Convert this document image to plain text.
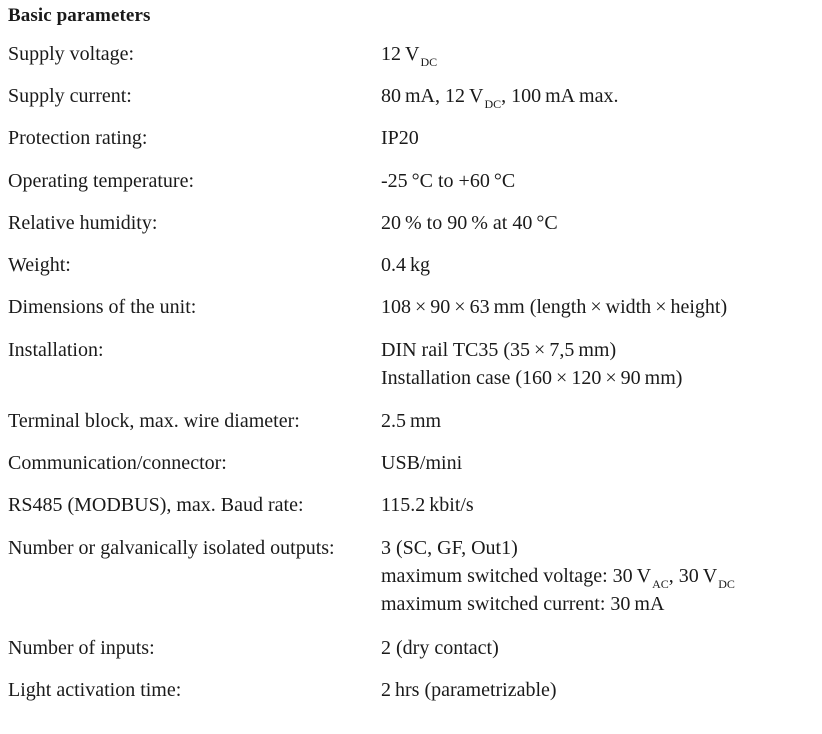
Basic parameters
Supply voltage:	12 $V_{DC}$
Supply current:	80 mA, 12 $V_{DC}$, 100 mA max.
Protection rating:	IP20
Operating temperature:	-25 °C to +60 °C
Relative humidity:	20 % to 90 % at 40 °C
Weight:	0.4 kg
Dimensions of the unit:	108 × 90 × 63 mm (length × width × height)
Installation:	DIN rail TC35 (35 × 7,5 mm)
Installation case (160 × 120 × 90 mm)
Terminal block, max. wire diameter:	2.5 mm
Communication/connector:	USB/mini
RS485 (MODBUS), max. Baud rate:	115.2 kbit/s
Number or galvanically isolated outputs: 3 (SC, GF, Out1)
maximum switched voltage: 30 $V_{AC}$, 30 $V_{DC}$
maximum switched current: 30 mA
Number of inputs:	2 (dry contact)
Light activation time:	2 hrs (parametrizable)
